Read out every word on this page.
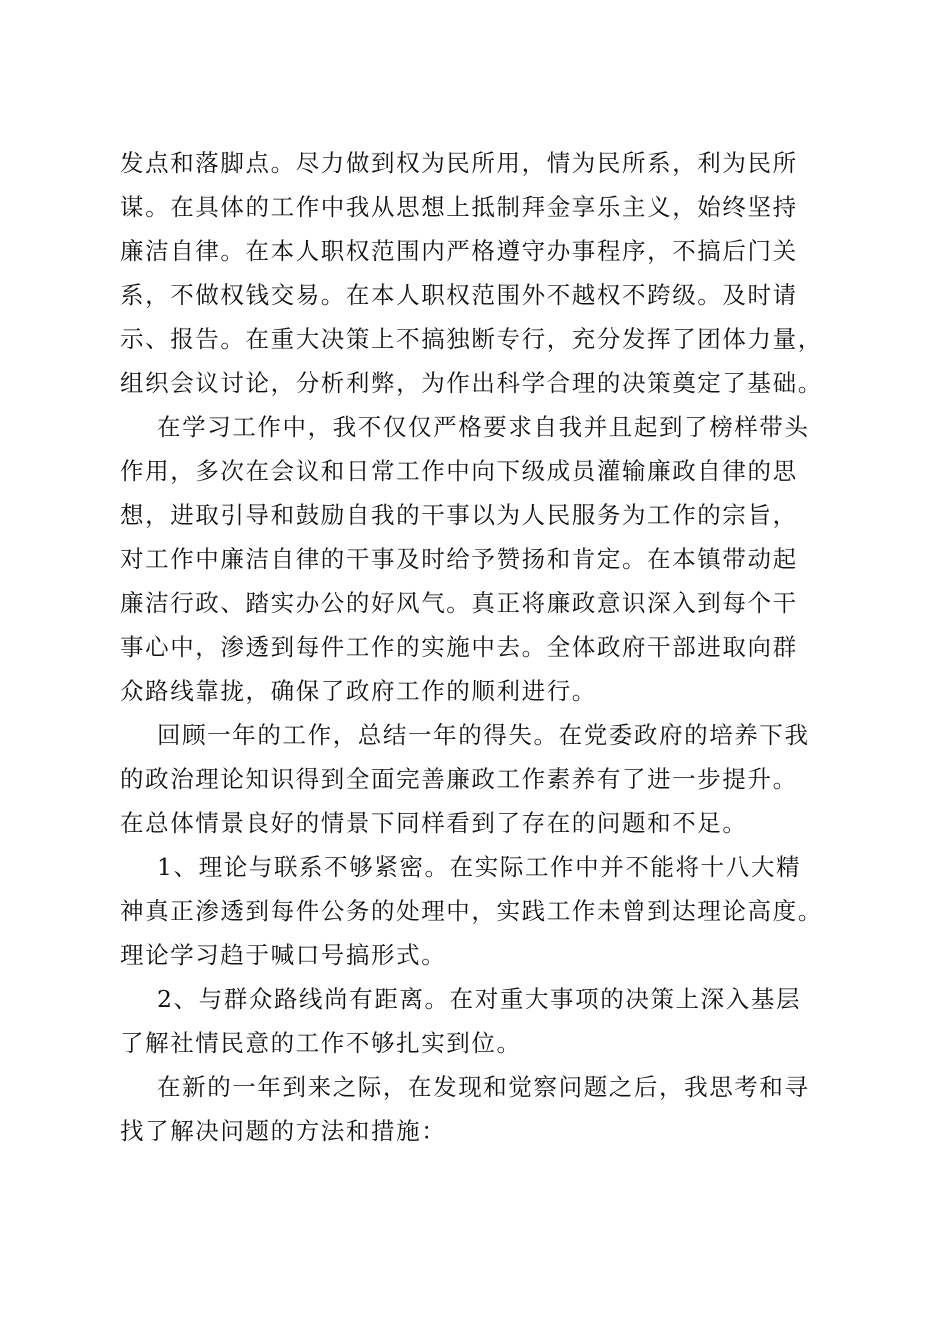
发点和落脚点。尽力做到权为民所用，情为民所系，利为民所
谋。在具体的工作中我从思想上抵制拜金享乐主义，始终坚持
廉洁自律。在本人职权范围内严格遵守办事程序，不搞后门关
系，不做权钱交易。在本人职权范围外不越权不跨级。及时请
示、报告。在重大决策上不搞独断专行，充分发挥了团体力量，
组织会议讨论，分析利弊，为作出科学合理的决策奠定了基础。
在学习工作中，我不仅仅严格要求自我并且起到了榜样带头
作用，多次在会议和日常工作中向下级成员灌输廉政自律的思
想，进取引导和鼓励自我的干事以为人民服务为工作的宗旨，
对工作中廉洁自律的干事及时给予赞扬和肯定。在本镇带动起
廉洁行政、踏实办公的好风气。真正将廉政意识深入到每个干
事心中，渗透到每件工作的实施中去。全体政府干部进取向群
众路线靠拢，确保了政府工作的顺利进行。
回顾一年的工作，总结一年的得失。在党委政府的培养下我
的政治理论知识得到全面完善廉政工作素养有了进一步提升。
在总体情景良好的情景下同样看到了存在的问题和不足。
1、理论与联系不够紧密。在实际工作中并不能将十八大精
神真正渗透到每件公务的处理中，实践工作未曾到达理论高度。
理论学习趋于喊口号搞形式。
2、与群众路线尚有距离。在对重大事项的决策上深入基层
了解社情民意的工作不够扎实到位。
在新的一年到来之际，在发现和觉察问题之后，我思考和寻
找了解决问题的方法和措施：
